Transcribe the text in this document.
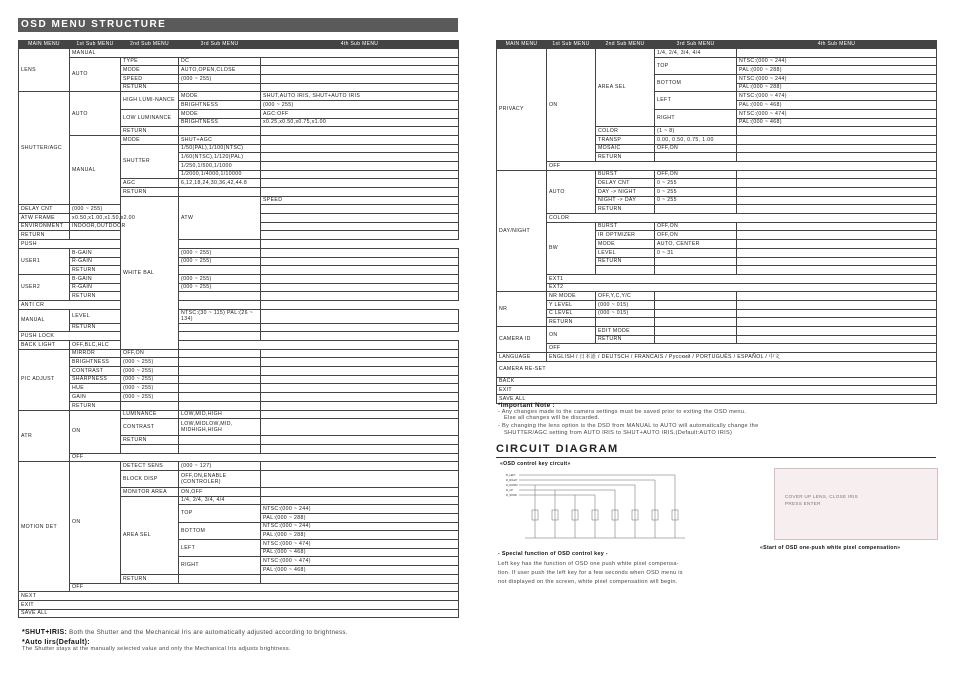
OSD MENU STRUCTURE
MAIN MENU	1st Sub MENU	2nd Sub MENU	3rd Sub MENU	4th Sub MENU	
LENS	MANUAL				
	AUTO	TYPE	DC		
		MODE	AUTO,OPEN,CLOSE		
		SPEED	(000 ~ 255)		
		RETURN			
SHUTTER/AGC	AUTO	HIGH LUMI-NANCE	MODE	SHUT,AUTO IRIS, SHUT+AUTO IRIS	
			BRIGHTNESS	(000 ~ 255)	
		LOW LUMINANCE	MODE	AGC:OFF	
			BRIGHTNESS	x0.25,x0.50,x0.75,x1.00	
		RETURN			
	MANUAL	MODE	SHUT+AGC		
		SHUTTER	1/50(PAL),1/100(NTSC)		
			1/60(NTSC),1/120(PAL)		
			1/250,1/500,1/1000		
			1/2000,1/4000,1/10000		
		AGC	6,12,18,24,30,36,42,44.8		
		RETURN			
		WHITE BAL	ATW	SPEED		
DELAY CNT	(000 ~ 255)				
ATW FRAME	x0.50,x1.00,x1.50,x2.00				
ENVIRONMENT	INDOOR,OUTDOOR				
RETURN					
PUSH					
USER1	B-GAIN		(000 ~ 255)		
	R-GAIN		(000 ~ 255)		
	RETURN				
USER2	B-GAIN		(000 ~ 255)		
	R-GAIN		(000 ~ 255)		
	RETURN				
ANTI CR					
MANUAL	LEVEL		NTSC:(30 ~ 115) PAL:(26 ~ 134)		
	RETURN				
PUSH LOCK					
BACK LIGHT	OFF,BLC,HLC				
PIC ADJUST	MIRROR	OFF,ON			
	BRIGHTNESS	(000 ~ 255)			
	CONTRAST	(000 ~ 255)			
	SHARPNESS	(000 ~ 255)			
	HUE	(000 ~ 255)			
	GAIN	(000 ~ 255)			
	RETURN				
ATR	ON	LUMINANCE	LOW,MID,HIGH		
		CONTRAST	LOW,MIDLOW,MID, MIDHIGH,HIGH		
		RETURN			

	OFF				
MOTION DET	ON	DETECT SENS	(000 ~ 127)		
		BLOCK DISP	OFF,ON,ENABLE (CONTROLER)		
		MONITOR AREA	ON,OFF		
		AREA SEL	1/4, 2/4, 3/4, 4/4		
			TOP	NTSC:(000 ~ 244)	
				PAL:(000 ~ 288)	
			BOTTOM	NTSC:(000 ~ 244)	
				PAL:(000 ~ 288)	
			LEFT	NTSC:(000 ~ 474)	
				PAL:(000 ~ 468)	
			RIGHT	NTSC:(000 ~ 474)	
				PAL:(000 ~ 468)	
		RETURN			
	OFF				
NEXT					
EXIT					
SAVE ALL					
*SHUT+IRIS: Both the Shutter and the Mechanical Iris are automatically adjusted according to brightness.
*Auto Iirs(Default):
The Shutter stays at the manually selected value and only the Mechanical Iris adjusts brightness.
MAIN MENU	1st Sub MENU	2nd Sub MENU	3rd Sub MENU	4th Sub MENU
PRIVACY	ON	AREA SEL	1/4, 2/4, 3/4, 4/4	
			TOP	NTSC:(000 ~ 244)
				PAL:(000 ~ 288)
			BOTTOM	NTSC:(000 ~ 244)
				PAL:(000 ~ 288)
			LEFT	NTSC:(000 ~ 474)
				PAL:(000 ~ 468)
			RIGHT	NTSC:(000 ~ 474)
				PAL:(000 ~ 468)
		COLOR	(1 ~ 8)	
		TRANSP	0.00, 0.50, 0.75, 1.00	
		MOSAIC	OFF,ON	
		RETURN		
	OFF			
DAY/NIGHT	AUTO	BURST	OFF,ON	
		DELAY CNT	0 ~ 255	
		DAY -> NIGHT	0 ~ 255	
		NIGHT -> DAY	0 ~ 255	
		RETURN		
	COLOR			
	BW	BURST	OFF,ON	
		IR OPTMIZER	OFF,ON	
		MODE	AUTO, CENTER	
		LEVEL	0 ~ 31	
		RETURN		

	EXT1			
	EXT2			
NR	NR MODE	OFF,Y,C,Y/C		
	Y LEVEL	(000 ~ 015)		
	C LEVEL	(000 ~ 015)		
	RETURN			
CAMERA ID	ON	EDIT MODE		
		RETURN		
	OFF			
LANGUAGE	ENGLISH / 日本語 / DEUTSCH / FRANCAIS / Русский / PORTUGUÊS / ESPAÑOL / 中文			
CAMERA RE-SET				
BACK				
EXIT				
SAVE ALL				
*Important Note :
- Any changes made to the camera settings must be saved prior to exiting the OSD menu.
Else all changes will be discarded.
- By changing the lens option is the DSD from MANUAL to AUTO will automatically change the
SHUTTER/AGC setting from AUTO IRIS to SHUT+AUTO IRIS.(Default:AUTO IRIS)
CIRCUIT DIAGRAM
«OSD control key circuit»
R_LEFT
R_RIGHT
R_DOWN
R_UP
R_SOND
- Special function of OSD control key -
Left key has the function of OSD one push white pixel compensa-
tion. If user push the left key for a few seconds when OSD menu is
not displayed on the screen, white pixel compensation will begin.
COVER UP LENS, CLOSE IRIS
PRESS ENTER
«Start of OSD one-push white pixel compensation»
